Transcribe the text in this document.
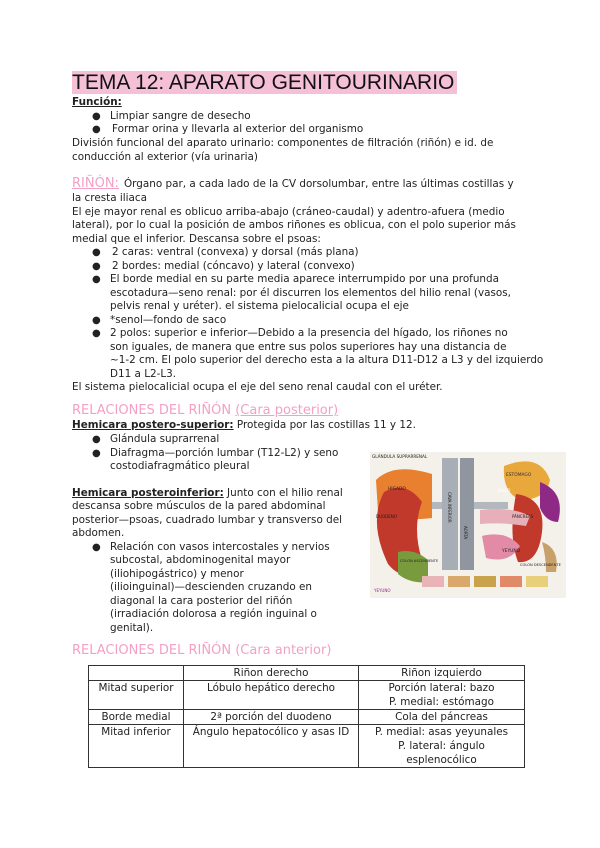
TEMA 12: APARATO GENITOURINARIO
Función:
● Limpiar sangre de desecho
● Formar orina y llevarla al exterior del organismo
División funcional del aparato urinario: componentes de filtración (riñón) e id. de
conducción al exterior (vía urinaria)
RIÑÓN: Órgano par, a cada lado de la CV dorsolumbar, entre las últimas costillas y
la cresta iliaca
El eje mayor renal es oblicuo arriba-abajo (cráneo-caudal) y adentro-afuera (medio
lateral), por lo cual la posición de ambos riñones es oblicua, con el polo superior más
medial que el inferior. Descansa sobre el psoas:
● 2 caras: ventral (convexa) y dorsal (más plana)
● 2 bordes: medial (cóncavo) y lateral (convexo)
● El borde medial en su parte media aparece interrumpido por una profunda
escotadura—seno renal: por él discurren los elementos del hilio renal (vasos,
pelvis renal y uréter). el sistema pielocalicial ocupa el eje
● *senol—fondo de saco
● 2 polos: superior e inferior—Debido a la presencia del hígado, los riñones no
son iguales, de manera que entre sus polos superiores hay una distancia de
~1-2 cm. El polo superior del derecho esta a la altura D11-D12 a L3 y del izquierdo
D11 a L2-L3.
El sistema pielocalicial ocupa el eje del seno renal caudal con el uréter.
RELACIONES DEL RIÑÓN (Cara posterior)
Hemicara postero-superior: Protegida por las costillas 11 y 12.
● Glándula suprarrenal
● Diafragma—porción lumbar (T12-L2) y seno
costodiafragmático pleural
Hemicara posteroinferior: Junto con el hilio renal
descansa sobre músculos de la pared abdominal
posterior—psoas, cuadrado lumbar y transverso del
abdomen.
● Relación con vasos intercostales y nervios
subcostal, abdominogenital mayor
(iliohipogástrico) y menor
(ilioinguinal)—descienden cruzando en
diagonal la cara posterior del riñón
(irradiación dolorosa a región inguinal o
genital).
GLÁNDULA SUPRARRENAL
ESTÓMAGO
HÍGADO	BAZO
DUODENO	PÁNCREAS
YEYUNO
COLON ASCENDENTE
COLON DESCENDENTE
YEYUNO
CAVA INFERIOR
AORTA
RELACIONES DEL RIÑÓN (Cara anterior)
	Riñon derecho	Riñon izquierdo
Mitad superior	Lóbulo hepático derecho	Porción lateral: bazo
P. medial: estómago

Borde medial	2ª porción del duodeno	Cola del páncreas
Mitad inferior	Ángulo hepatocólico y asas ID	P. medial: asas yeyunales
P. lateral: ángulo esplenocólico
